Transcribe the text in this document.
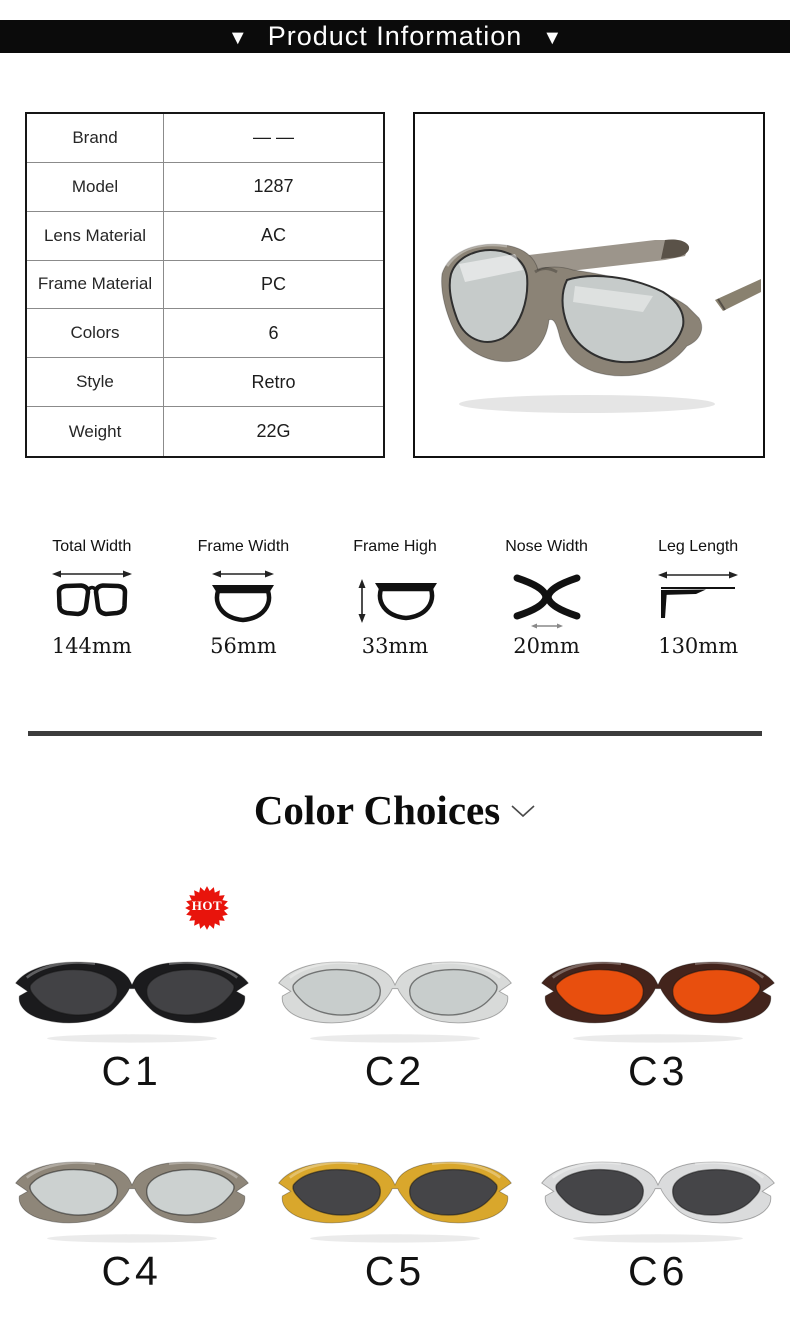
▼ Product Information ▼
Brand	— —
Model	1287
Lens Material	AC
Frame Material	PC
Colors	6
Style	Retro
Weight	22G
Total Width
144mm
Frame Width
56mm
Frame High
33mm
Nose Width
20mm
Leg Length
130mm
Color Choices
HOT
C1	C2	C3
C4	C5	C6
